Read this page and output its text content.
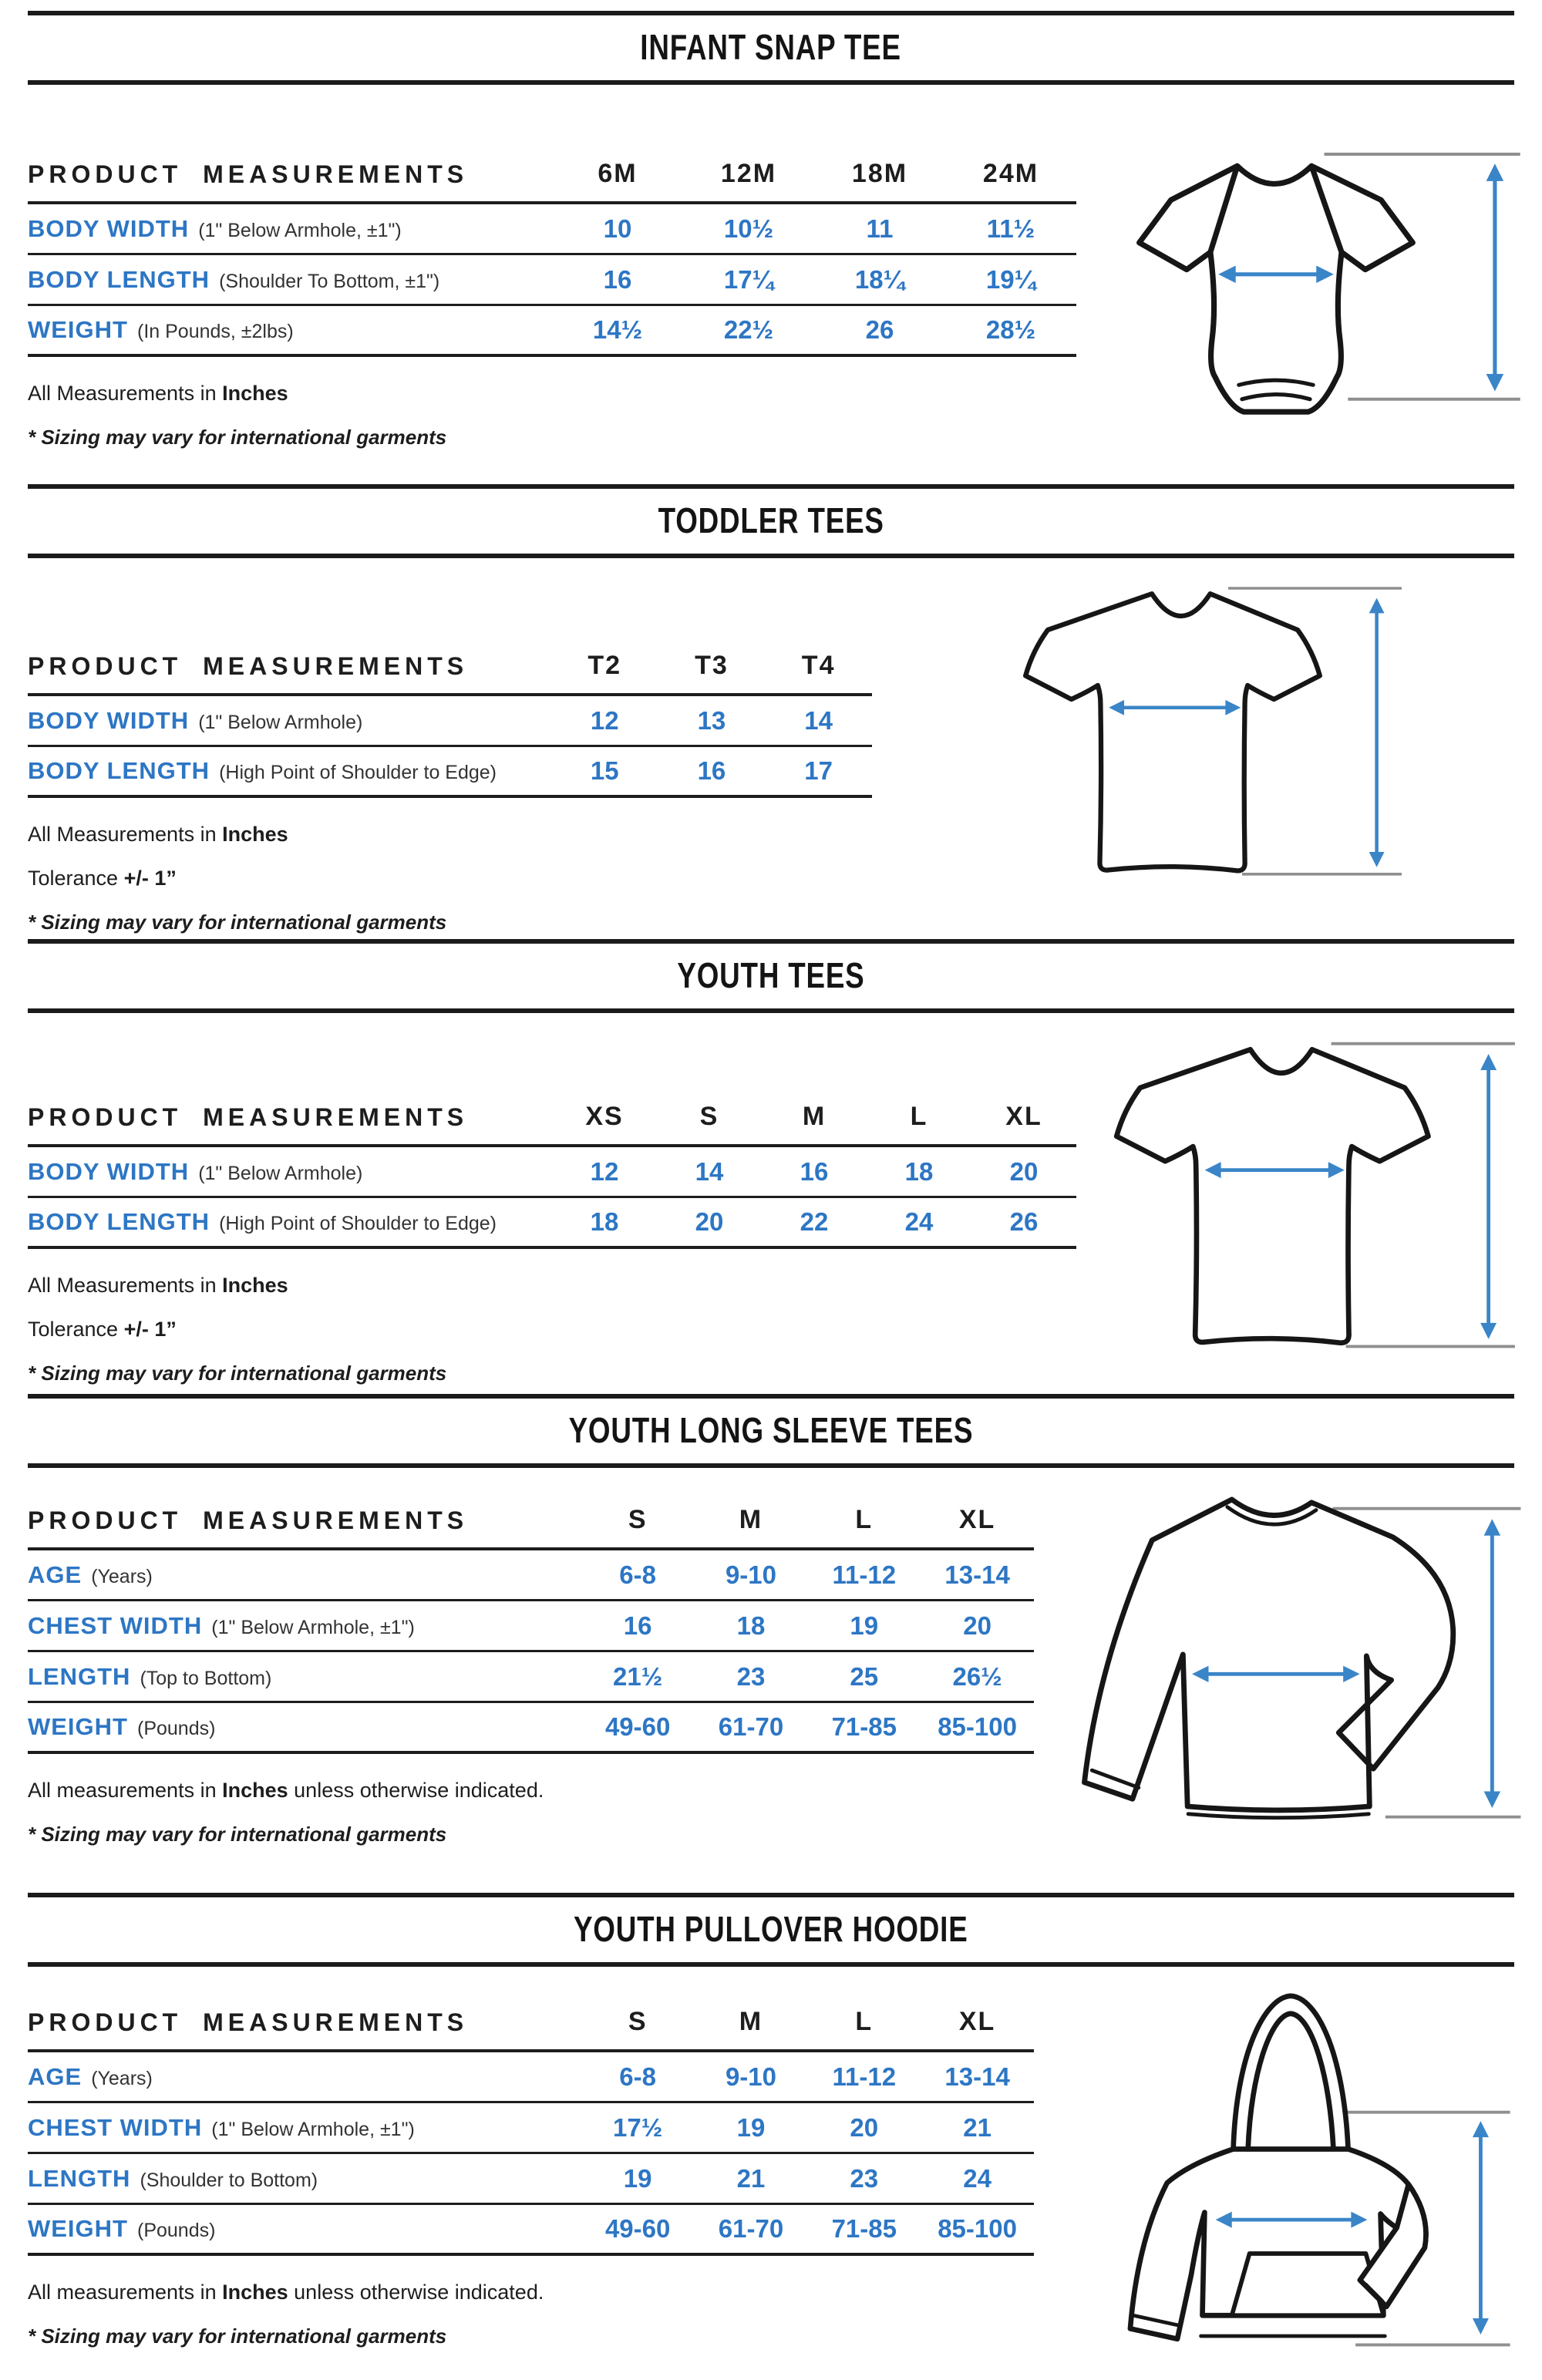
INFANT SNAP TEE
PRODUCT MEASUREMENTS	6M	12M	18M	24M
BODY WIDTH (1" Below Armhole, ±1")	10	10½	11	11½
BODY LENGTH (Shoulder To Bottom, ±1")	16	17¼	18¼	19¼
WEIGHT (In Pounds, ±2lbs)	14½	22½	26	28½

All Measurements in Inches

* Sizing may vary for international garments

TODDLER TEES
PRODUCT MEASUREMENTS	T2	T3	T4
BODY WIDTH (1" Below Armhole)	12	13	14
BODY LENGTH (High Point of Shoulder to Edge)	15	16	17

All Measurements in Inches

Tolerance +/- 1”

* Sizing may vary for international garments

YOUTH TEES
PRODUCT MEASUREMENTS	XS	S	M	L	XL
BODY WIDTH (1" Below Armhole)	12	14	16	18	20
BODY LENGTH (High Point of Shoulder to Edge)	18	20	22	24	26

All Measurements in Inches

Tolerance +/- 1”

* Sizing may vary for international garments

YOUTH LONG SLEEVE TEES
PRODUCT MEASUREMENTS	S	M	L	XL
AGE (Years)	6-8	9-10	11-12	13-14
CHEST WIDTH (1" Below Armhole, ±1")	16	18	19	20
LENGTH (Top to Bottom)	21½	23	25	26½
WEIGHT (Pounds)	49-60	61-70	71-85	85-100

All measurements in Inches unless otherwise indicated.

* Sizing may vary for international garments

YOUTH PULLOVER HOODIE
PRODUCT MEASUREMENTS	S	M	L	XL
AGE (Years)	6-8	9-10	11-12	13-14
CHEST WIDTH (1" Below Armhole, ±1")	17½	19	20	21
LENGTH (Shoulder to Bottom)	19	21	23	24
WEIGHT (Pounds)	49-60	61-70	71-85	85-100

All measurements in Inches unless otherwise indicated.

* Sizing may vary for international garments
